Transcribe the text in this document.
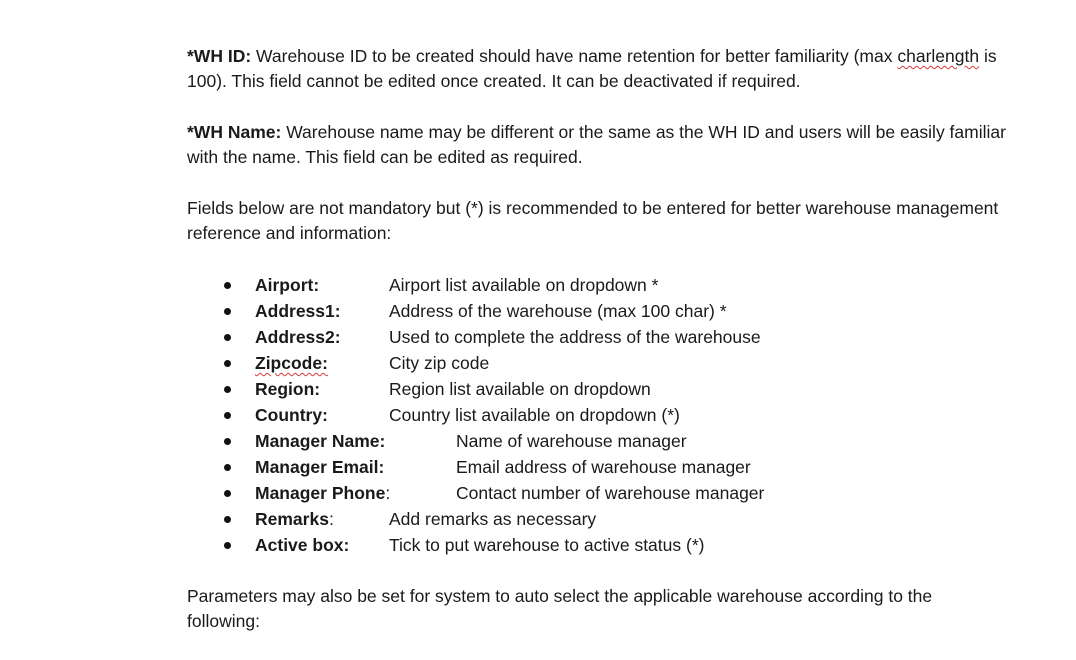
*WH ID: Warehouse ID to be created should have name retention for better familiarity (max charlength is 100). This field cannot be edited once created. It can be deactivated if required.

*WH Name: Warehouse name may be different or the same as the WH ID and users will be easily familiar with the name. This field can be edited as required.

Fields below are not mandatory but (*) is recommended to be entered for better warehouse management reference and information:

Airport:	Airport list available on dropdown *
Address1:	Address of the warehouse (max 100 char) *
Address2:	Used to complete the address of the warehouse
Zipcode:	City zip code
Region:	Region list available on dropdown
Country:	Country list available on dropdown (*)
Manager Name:	Name of warehouse manager
Manager Email:	Email address of warehouse manager
Manager Phone:	Contact number of warehouse manager
Remarks:	Add remarks as necessary
Active box: Tick to put warehouse to active status (*)

Parameters may also be set for system to auto select the applicable warehouse according to the following:
